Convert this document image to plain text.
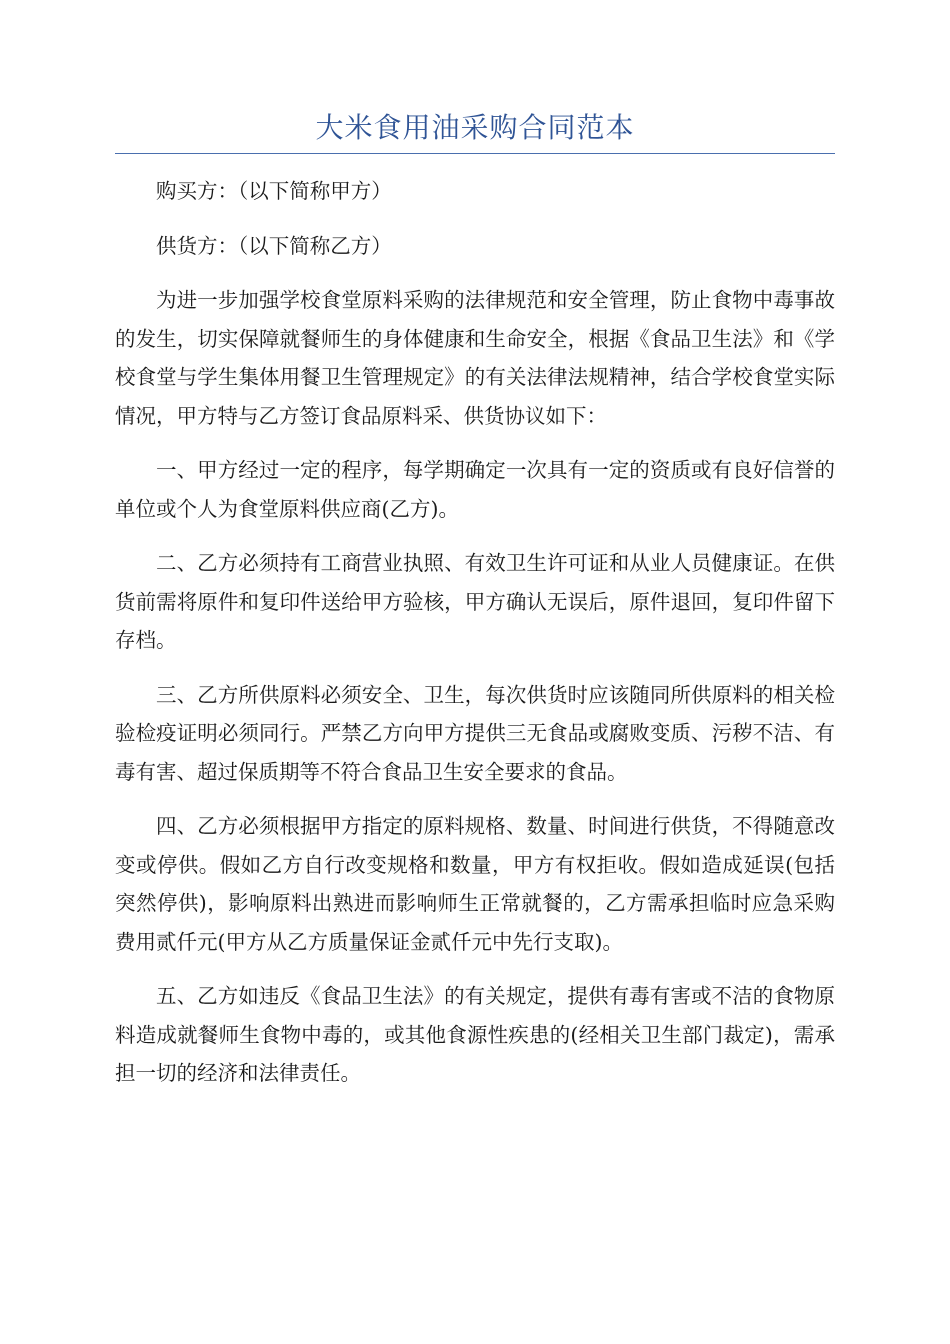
大米食用油采购合同范本

购买方：（以下简称甲方）

供货方：（以下简称乙方）

为进一步加强学校食堂原料采购的法律规范和安全管理，防止食物中毒事故的发生，切实保障就餐师生的身体健康和生命安全，根据《食品卫生法》和《学校食堂与学生集体用餐卫生管理规定》的有关法律法规精神，结合学校食堂实际情况，甲方特与乙方签订食品原料采、供货协议如下：

一、甲方经过一定的程序，每学期确定一次具有一定的资质或有良好信誉的单位或个人为食堂原料供应商(乙方)。

二、乙方必须持有工商营业执照、有效卫生许可证和从业人员健康证。在供货前需将原件和复印件送给甲方验核，甲方确认无误后，原件退回，复印件留下存档。

三、乙方所供原料必须安全、卫生，每次供货时应该随同所供原料的相关检验检疫证明必须同行。严禁乙方向甲方提供三无食品或腐败变质、污秽不洁、有毒有害、超过保质期等不符合食品卫生安全要求的食品。

四、乙方必须根据甲方指定的原料规格、数量、时间进行供货，不得随意改变或停供。假如乙方自行改变规格和数量，甲方有权拒收。假如造成延误(包括突然停供)，影响原料出熟进而影响师生正常就餐的，乙方需承担临时应急采购费用贰仟元(甲方从乙方质量保证金贰仟元中先行支取)。

五、乙方如违反《食品卫生法》的有关规定，提供有毒有害或不洁的食物原料造成就餐师生食物中毒的，或其他食源性疾患的(经相关卫生部门裁定)，需承担一切的经济和法律责任。
